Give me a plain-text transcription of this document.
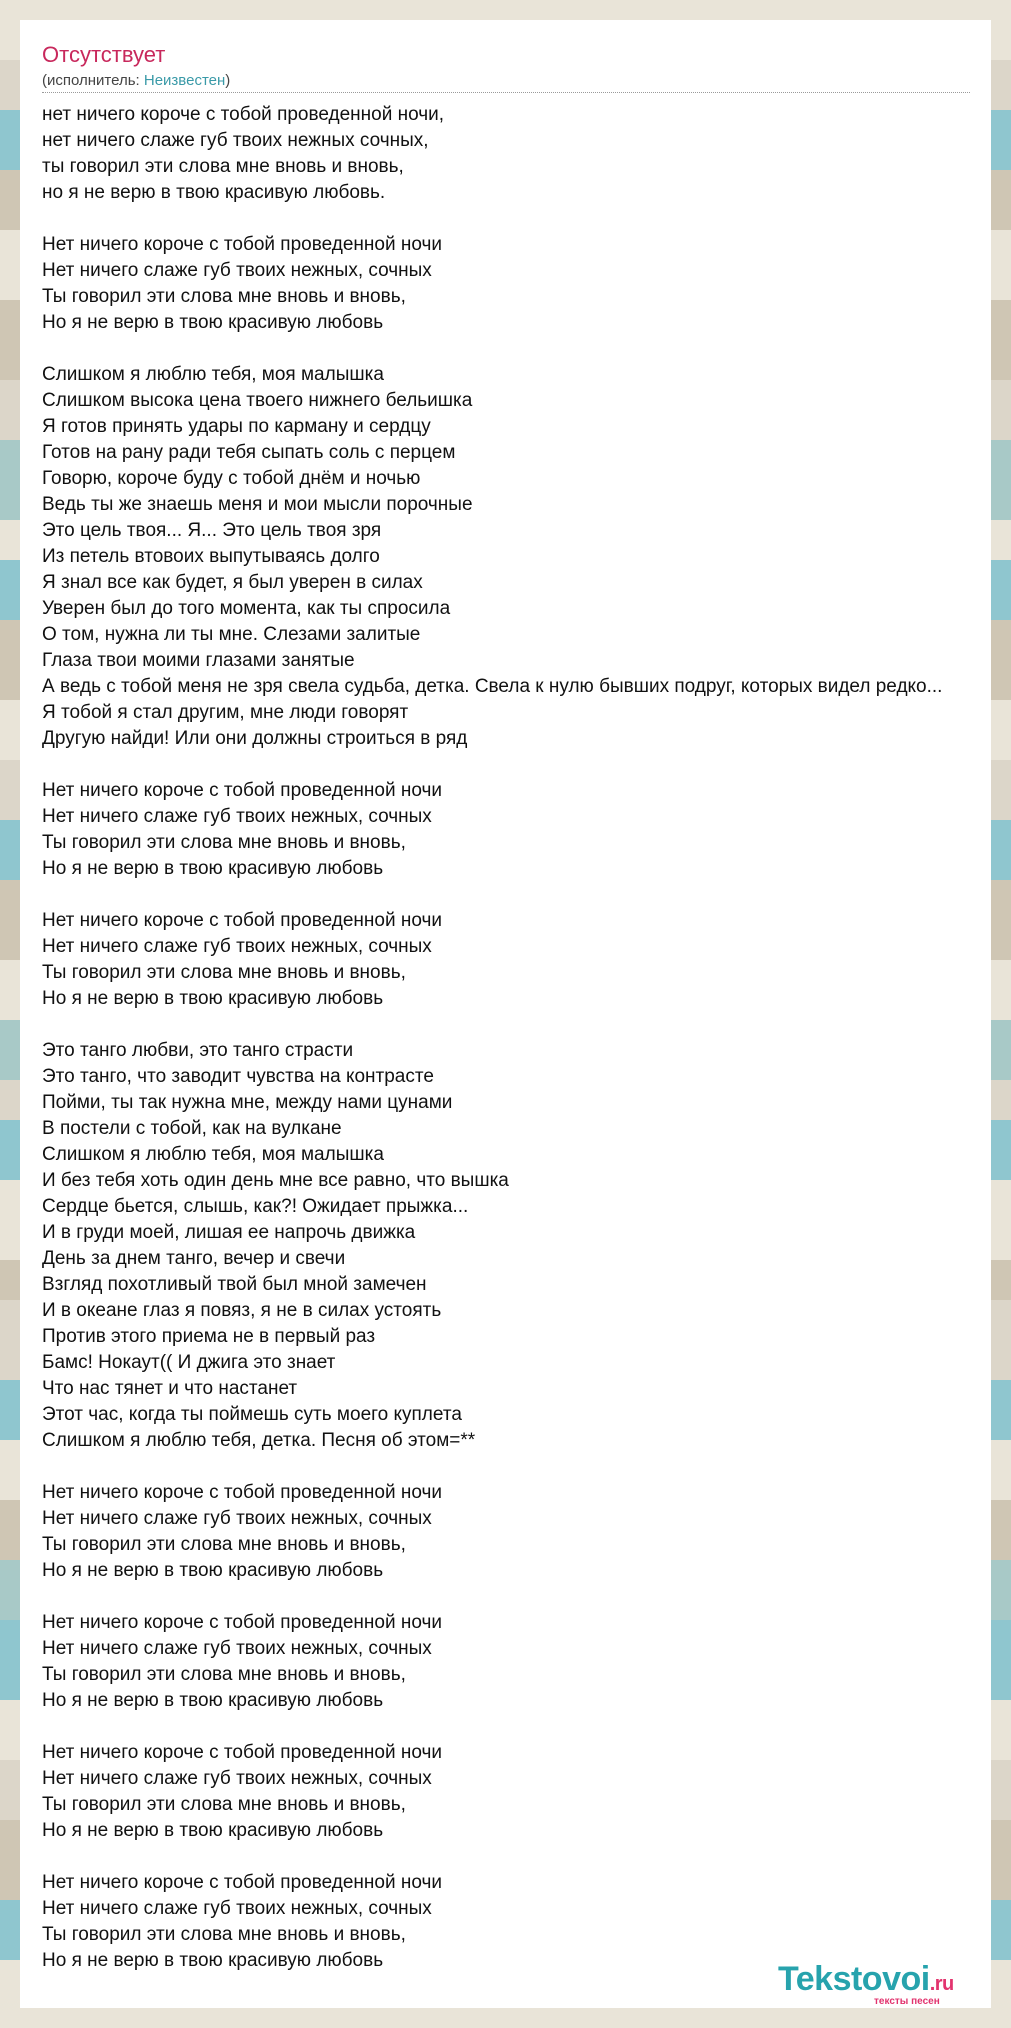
Отсутствует
(исполнитель: Неизвестен)
нет ничего короче с тобой проведенной ночи,
нет ничего слаже губ твоих нежных сочных,
ты говорил эти слова мне вновь и вновь,
но я не верю в твою красивую любовь.
Нет ничего короче с тобой проведенной ночи
Нет ничего слаже губ твоих нежных, сочных
Ты говорил эти слова мне вновь и вновь,
Но я не верю в твою красивую любовь
Слишком я люблю тебя, моя малышка
Слишком высока цена твоего нижнего бельишка
Я готов принять удары по карману и сердцу
Готов на рану ради тебя сыпать соль с перцем
Говорю, короче буду с тобой днём и ночью
Ведь ты же знаешь меня и мои мысли порочные
Это цель твоя... Я... Это цель твоя зря
Из петель втовоих выпутываясь долго
Я знал все как будет, я был уверен в силах
Уверен был до того момента, как ты спросила
О том, нужна ли ты мне. Слезами залитые
Глаза твои моими глазами занятые
А ведь с тобой меня не зря свела судьба, детка. Свела к нулю бывших подруг, которых видел редко...
Я тобой я стал другим, мне люди говорят
Другую найди! Или они должны строиться в ряд
Нет ничего короче с тобой проведенной ночи
Нет ничего слаже губ твоих нежных, сочных
Ты говорил эти слова мне вновь и вновь,
Но я не верю в твою красивую любовь
Нет ничего короче с тобой проведенной ночи
Нет ничего слаже губ твоих нежных, сочных
Ты говорил эти слова мне вновь и вновь,
Но я не верю в твою красивую любовь
Это танго любви, это танго страсти
Это танго, что заводит чувства на контрасте
Пойми, ты так нужна мне, между нами цунами
В постели с тобой, как на вулкане
Слишком я люблю тебя, моя малышка
И без тебя хоть один день мне все равно, что вышка
Сердце бьется, слышь, как?! Ожидает прыжка...
И в груди моей, лишая ее напрочь движка
День за днем танго, вечер и свечи
Взгляд похотливый твой был мной замечен
И в океане глаз я повяз, я не в силах устоять
Против этого приема не в первый раз
Бамс! Нокаут(( И джига это знает
Что нас тянет и что настанет
Этот час, когда ты поймешь суть моего куплета
Слишком я люблю тебя, детка. Песня об этом=**
Нет ничего короче с тобой проведенной ночи
Нет ничего слаже губ твоих нежных, сочных
Ты говорил эти слова мне вновь и вновь,
Но я не верю в твою красивую любовь
Нет ничего короче с тобой проведенной ночи
Нет ничего слаже губ твоих нежных, сочных
Ты говорил эти слова мне вновь и вновь,
Но я не верю в твою красивую любовь
Нет ничего короче с тобой проведенной ночи
Нет ничего слаже губ твоих нежных, сочных
Ты говорил эти слова мне вновь и вновь,
Но я не верю в твою красивую любовь
Нет ничего короче с тобой проведенной ночи
Нет ничего слаже губ твоих нежных, сочных
Ты говорил эти слова мне вновь и вновь,
Но я не верю в твою красивую любовь	Tekstovoi.ru
тексты песен
